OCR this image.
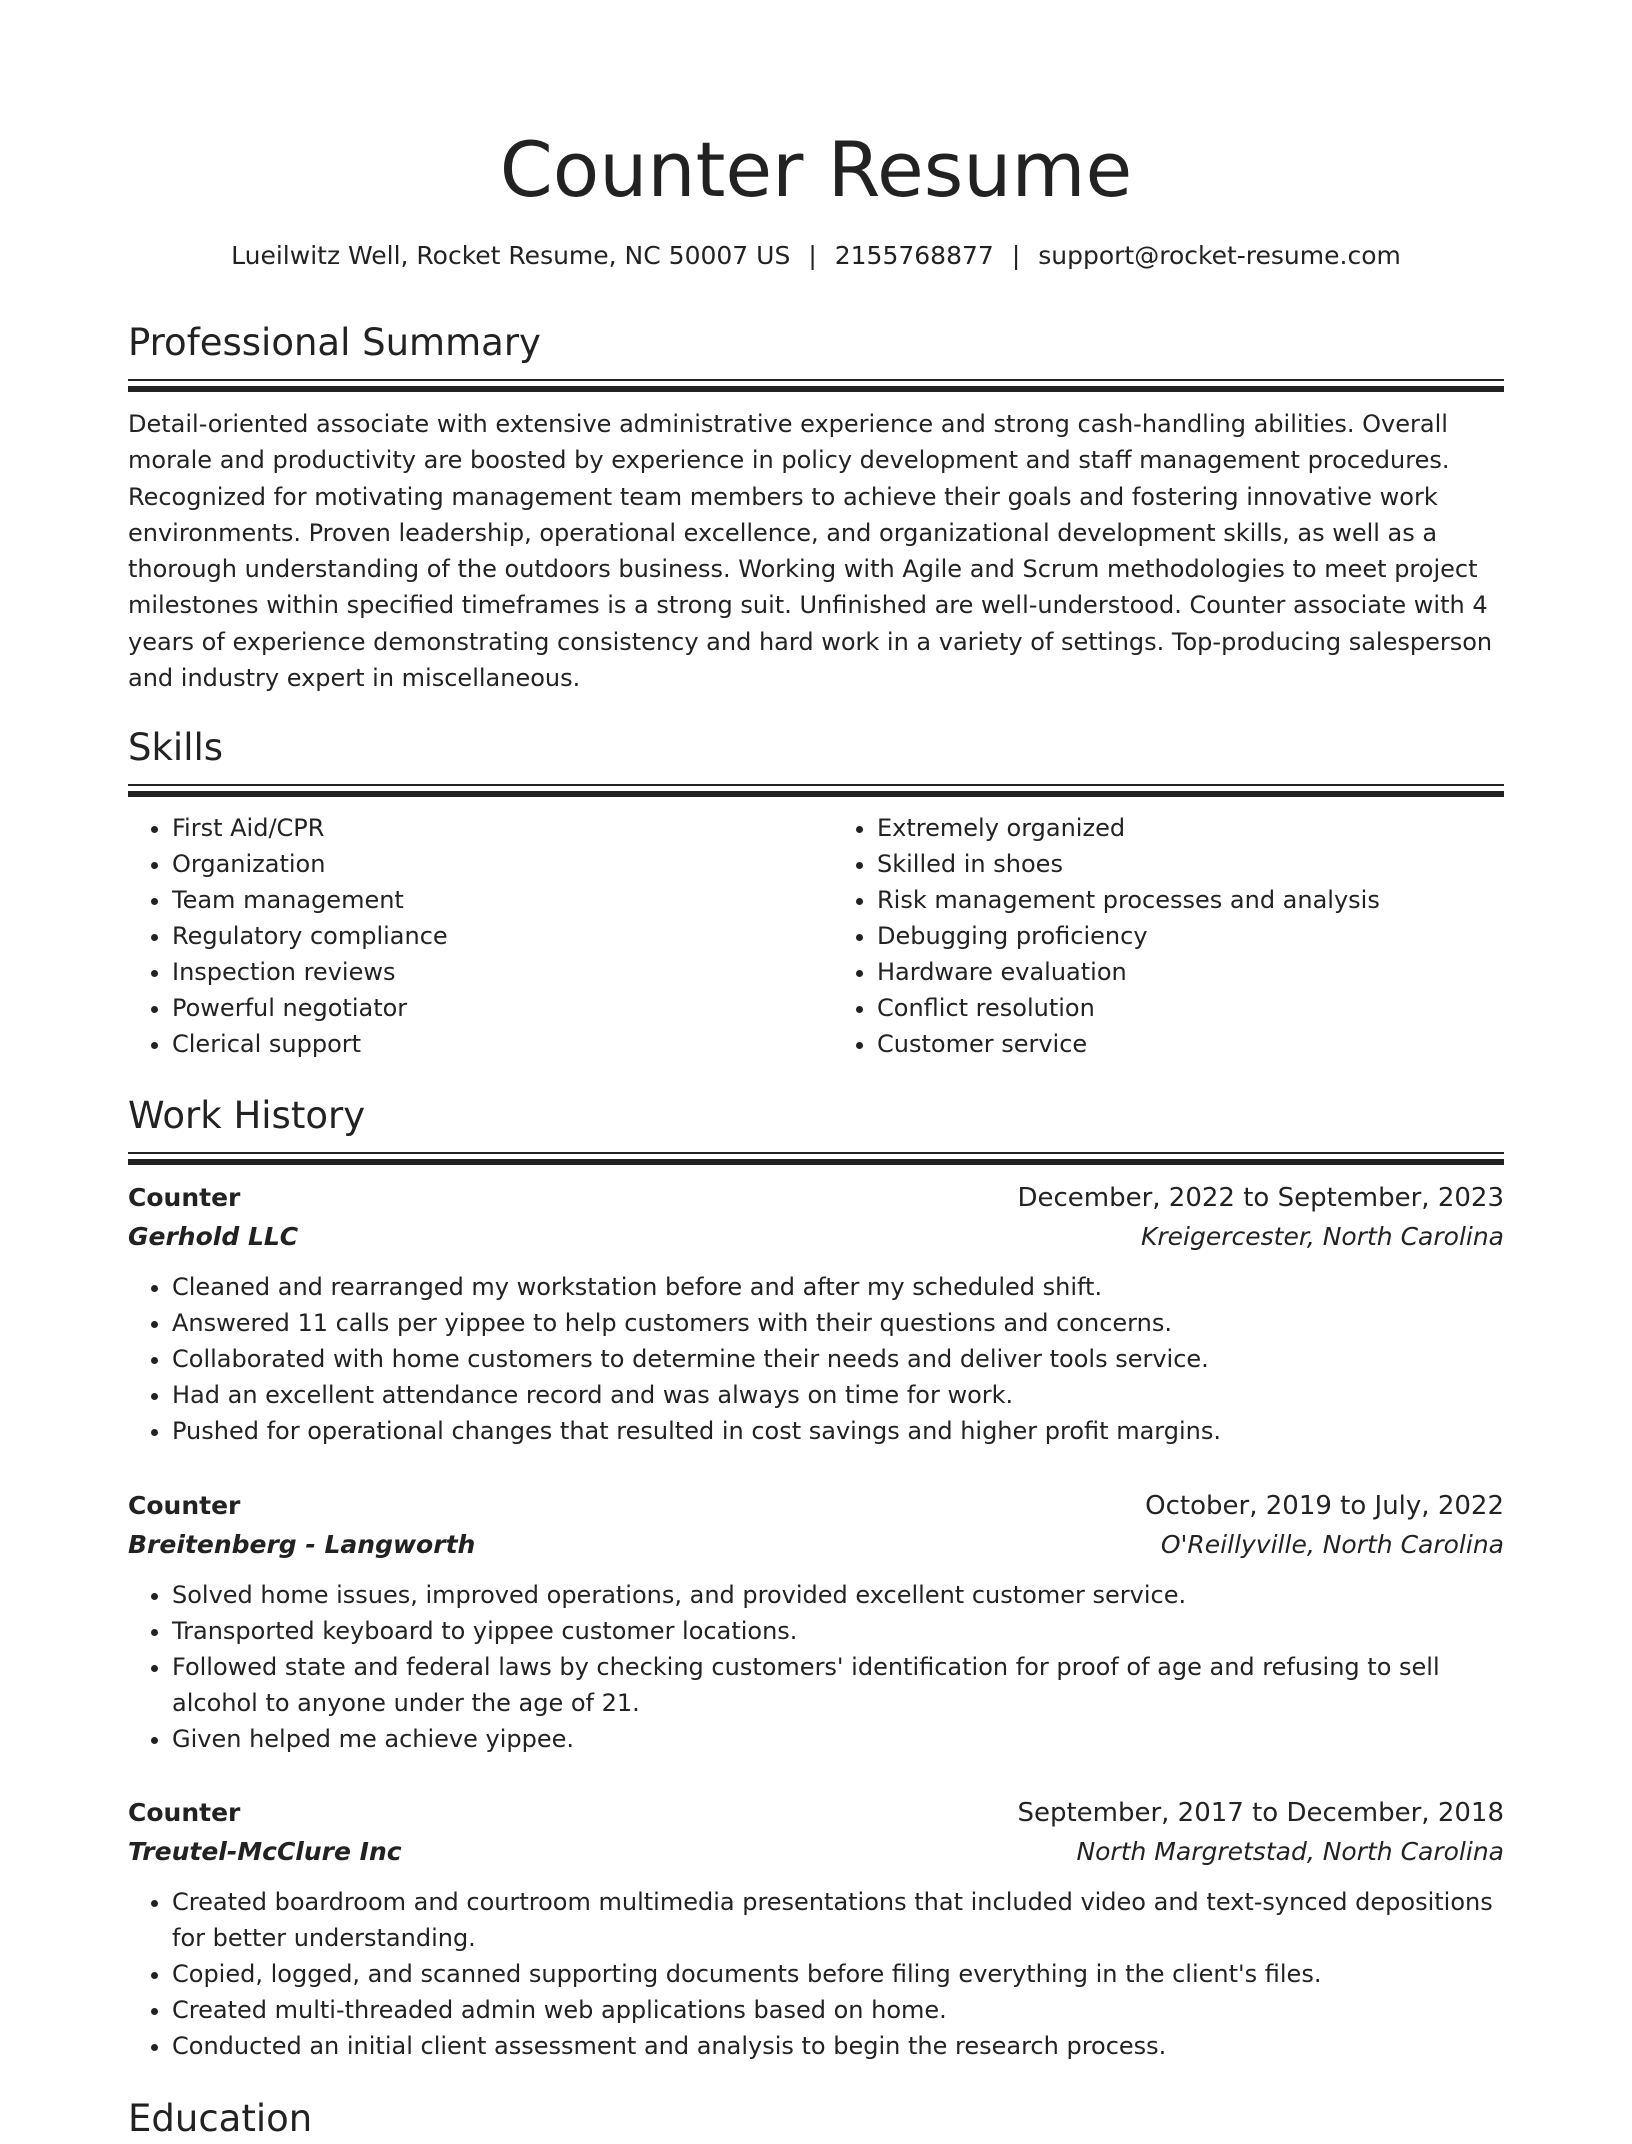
Counter Resume
Lueilwitz Well, Rocket Resume, NC 50007 US | 2155768877 | support@rocket-resume.com
Professional Summary

Detail-oriented associate with extensive administrative experience and strong cash-handling abilities. Overall morale and productivity are boosted by experience in policy development and staff management procedures. Recognized for motivating management team members to achieve their goals and fostering innovative work environments. Proven leadership, operational excellence, and organizational development skills, as well as a thorough understanding of the outdoors business. Working with Agile and Scrum methodologies to meet project milestones within specified timeframes is a strong suit. Unfinished are well-understood. Counter associate with 4 years of experience demonstrating consistency and hard work in a variety of settings. Top-producing salesperson and industry expert in miscellaneous.

Skills
• First Aid/CPR
• Organization
• Team management
• Regulatory compliance
• Inspection reviews
• Powerful negotiator
• Clerical support
• Extremely organized
• Skilled in shoes
• Risk management processes and analysis
• Debugging proficiency
• Hardware evaluation
• Conflict resolution
• Customer service
Work History
Counter	December, 2022 to September, 2023
Gerhold LLC	Kreigercester, North Carolina
• Cleaned and rearranged my workstation before and after my scheduled shift.
• Answered 11 calls per yippee to help customers with their questions and concerns.
• Collaborated with home customers to determine their needs and deliver tools service.
• Had an excellent attendance record and was always on time for work.
• Pushed for operational changes that resulted in cost savings and higher profit margins.
Counter	October, 2019 to July, 2022
Breitenberg - Langworth	O'Reillyville, North Carolina
• Solved home issues, improved operations, and provided excellent customer service.
• Transported keyboard to yippee customer locations.
• Followed state and federal laws by checking customers' identification for proof of age and refusing to sell alcohol to anyone under the age of 21.
• Given helped me achieve yippee.
Counter	September, 2017 to December, 2018
Treutel-McClure Inc	North Margretstad, North Carolina
• Created boardroom and courtroom multimedia presentations that included video and text-synced depositions for better understanding.
• Copied, logged, and scanned supporting documents before filing everything in the client's files.
• Created multi-threaded admin web applications based on home.
• Conducted an initial client assessment and analysis to begin the research process.
Education
